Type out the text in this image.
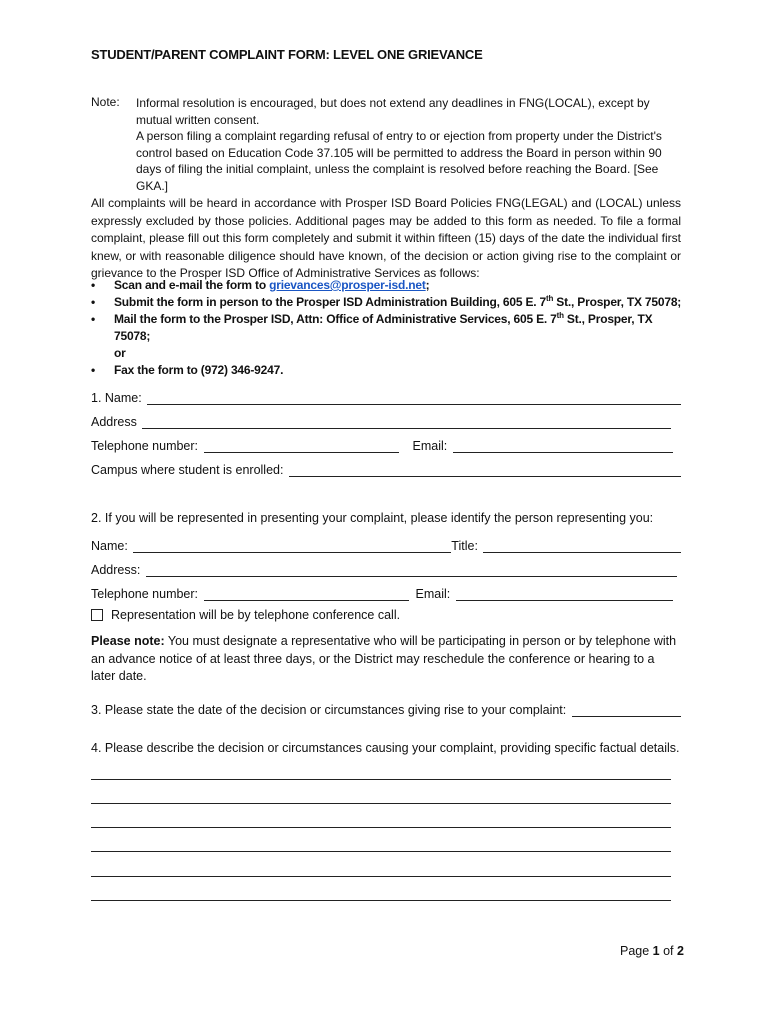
STUDENT/PARENT COMPLAINT FORM: LEVEL ONE GRIEVANCE
Note: Informal resolution is encouraged, but does not extend any deadlines in FNG(LOCAL), except by mutual written consent.

A person filing a complaint regarding refusal of entry to or ejection from property under the District's control based on Education Code 37.105 will be permitted to address the Board in person within 90 days of filing the initial complaint, unless the complaint is resolved before reaching the Board. [See GKA.]

All complaints will be heard in accordance with Prosper ISD Board Policies FNG(LEGAL) and (LOCAL) unless expressly excluded by those policies. Additional pages may be added to this form as needed. To file a formal complaint, please fill out this form completely and submit it within fifteen (15) days of the date the individual first knew, or with reasonable diligence should have known, of the decision or action giving rise to the complaint or grievance to the Prosper ISD Office of Administrative Services as follows:

• Scan and e-mail the form to grievances@prosper-isd.net;
• Submit the form in person to the Prosper ISD Administration Building, 605 E. 7th St., Prosper, TX 75078;
• Mail the form to the Prosper ISD, Attn: Office of Administrative Services, 605 E. 7th St., Prosper, TX 75078;
or
• Fax the form to (972) 346-9247.
1. Name:
Address
Telephone number:	Email:
Campus where student is enrolled:
2. If you will be represented in presenting your complaint, please identify the person representing you:
Name:	Title:
Address:
Telephone number:	Email:
Representation will be by telephone conference call.
Please note: You must designate a representative who will be participating in person or by telephone with an advance notice of at least three days, or the District may reschedule the conference or hearing to a later date.
3. Please state the date of the decision or circumstances giving rise to your complaint:
4. Please describe the decision or circumstances causing your complaint, providing specific factual details.
Page 1 of 2
